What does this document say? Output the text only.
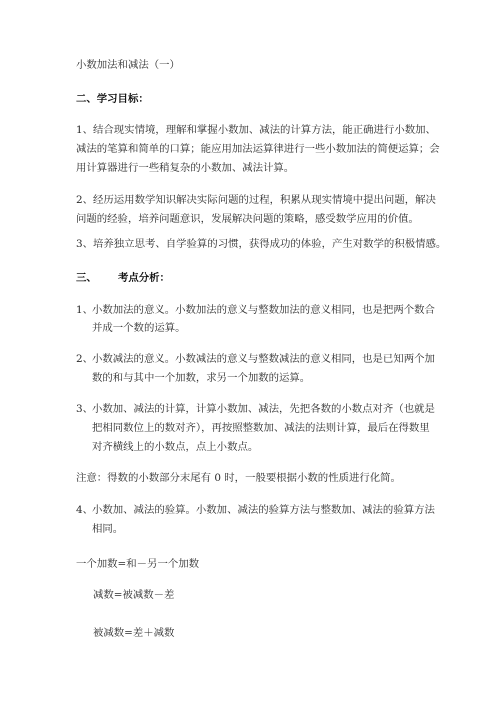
小数加法和减法（一）
二、学习目标：
1、结合现实情境，理解和掌握小数加、减法的计算方法，能正确进行小数加、
减法的笔算和简单的口算；能应用加法运算律进行一些小数加法的简便运算；会
用计算器进行一些稍复杂的小数加、减法计算。
2、经历运用数学知识解决实际问题的过程，积累从现实情境中提出问题，解决
问题的经验，培养问题意识，发展解决问题的策略，感受数学应用的价值。
3、培养独立思考、自学验算的习惯，获得成功的体验，产生对数学的积极情感。
三、 考点分析：
1、
小数加法的意义。小数加法的意义与整数加法的意义相同，也是把两个数合
并成一个数的运算。
2、
小数减法的意义。小数减法的意义与整数减法的意义相同，也是已知两个加
数的和与其中一个加数，求另一个加数的运算。
3、
小数加、减法的计算，计算小数加、减法，先把各数的小数点对齐（也就是
把相同数位上的数对齐），再按照整数加、减法的法则计算，最后在得数里
对齐横线上的小数点，点上小数点。
注意：得数的小数部分末尾有 0 时，一般要根据小数的性质进行化简。
4、
小数加、减法的验算。小数加、减法的验算方法与整数加、减法的验算方法
相同。
一个加数=和－另一个加数
减数=被减数－差
被减数=差＋减数
